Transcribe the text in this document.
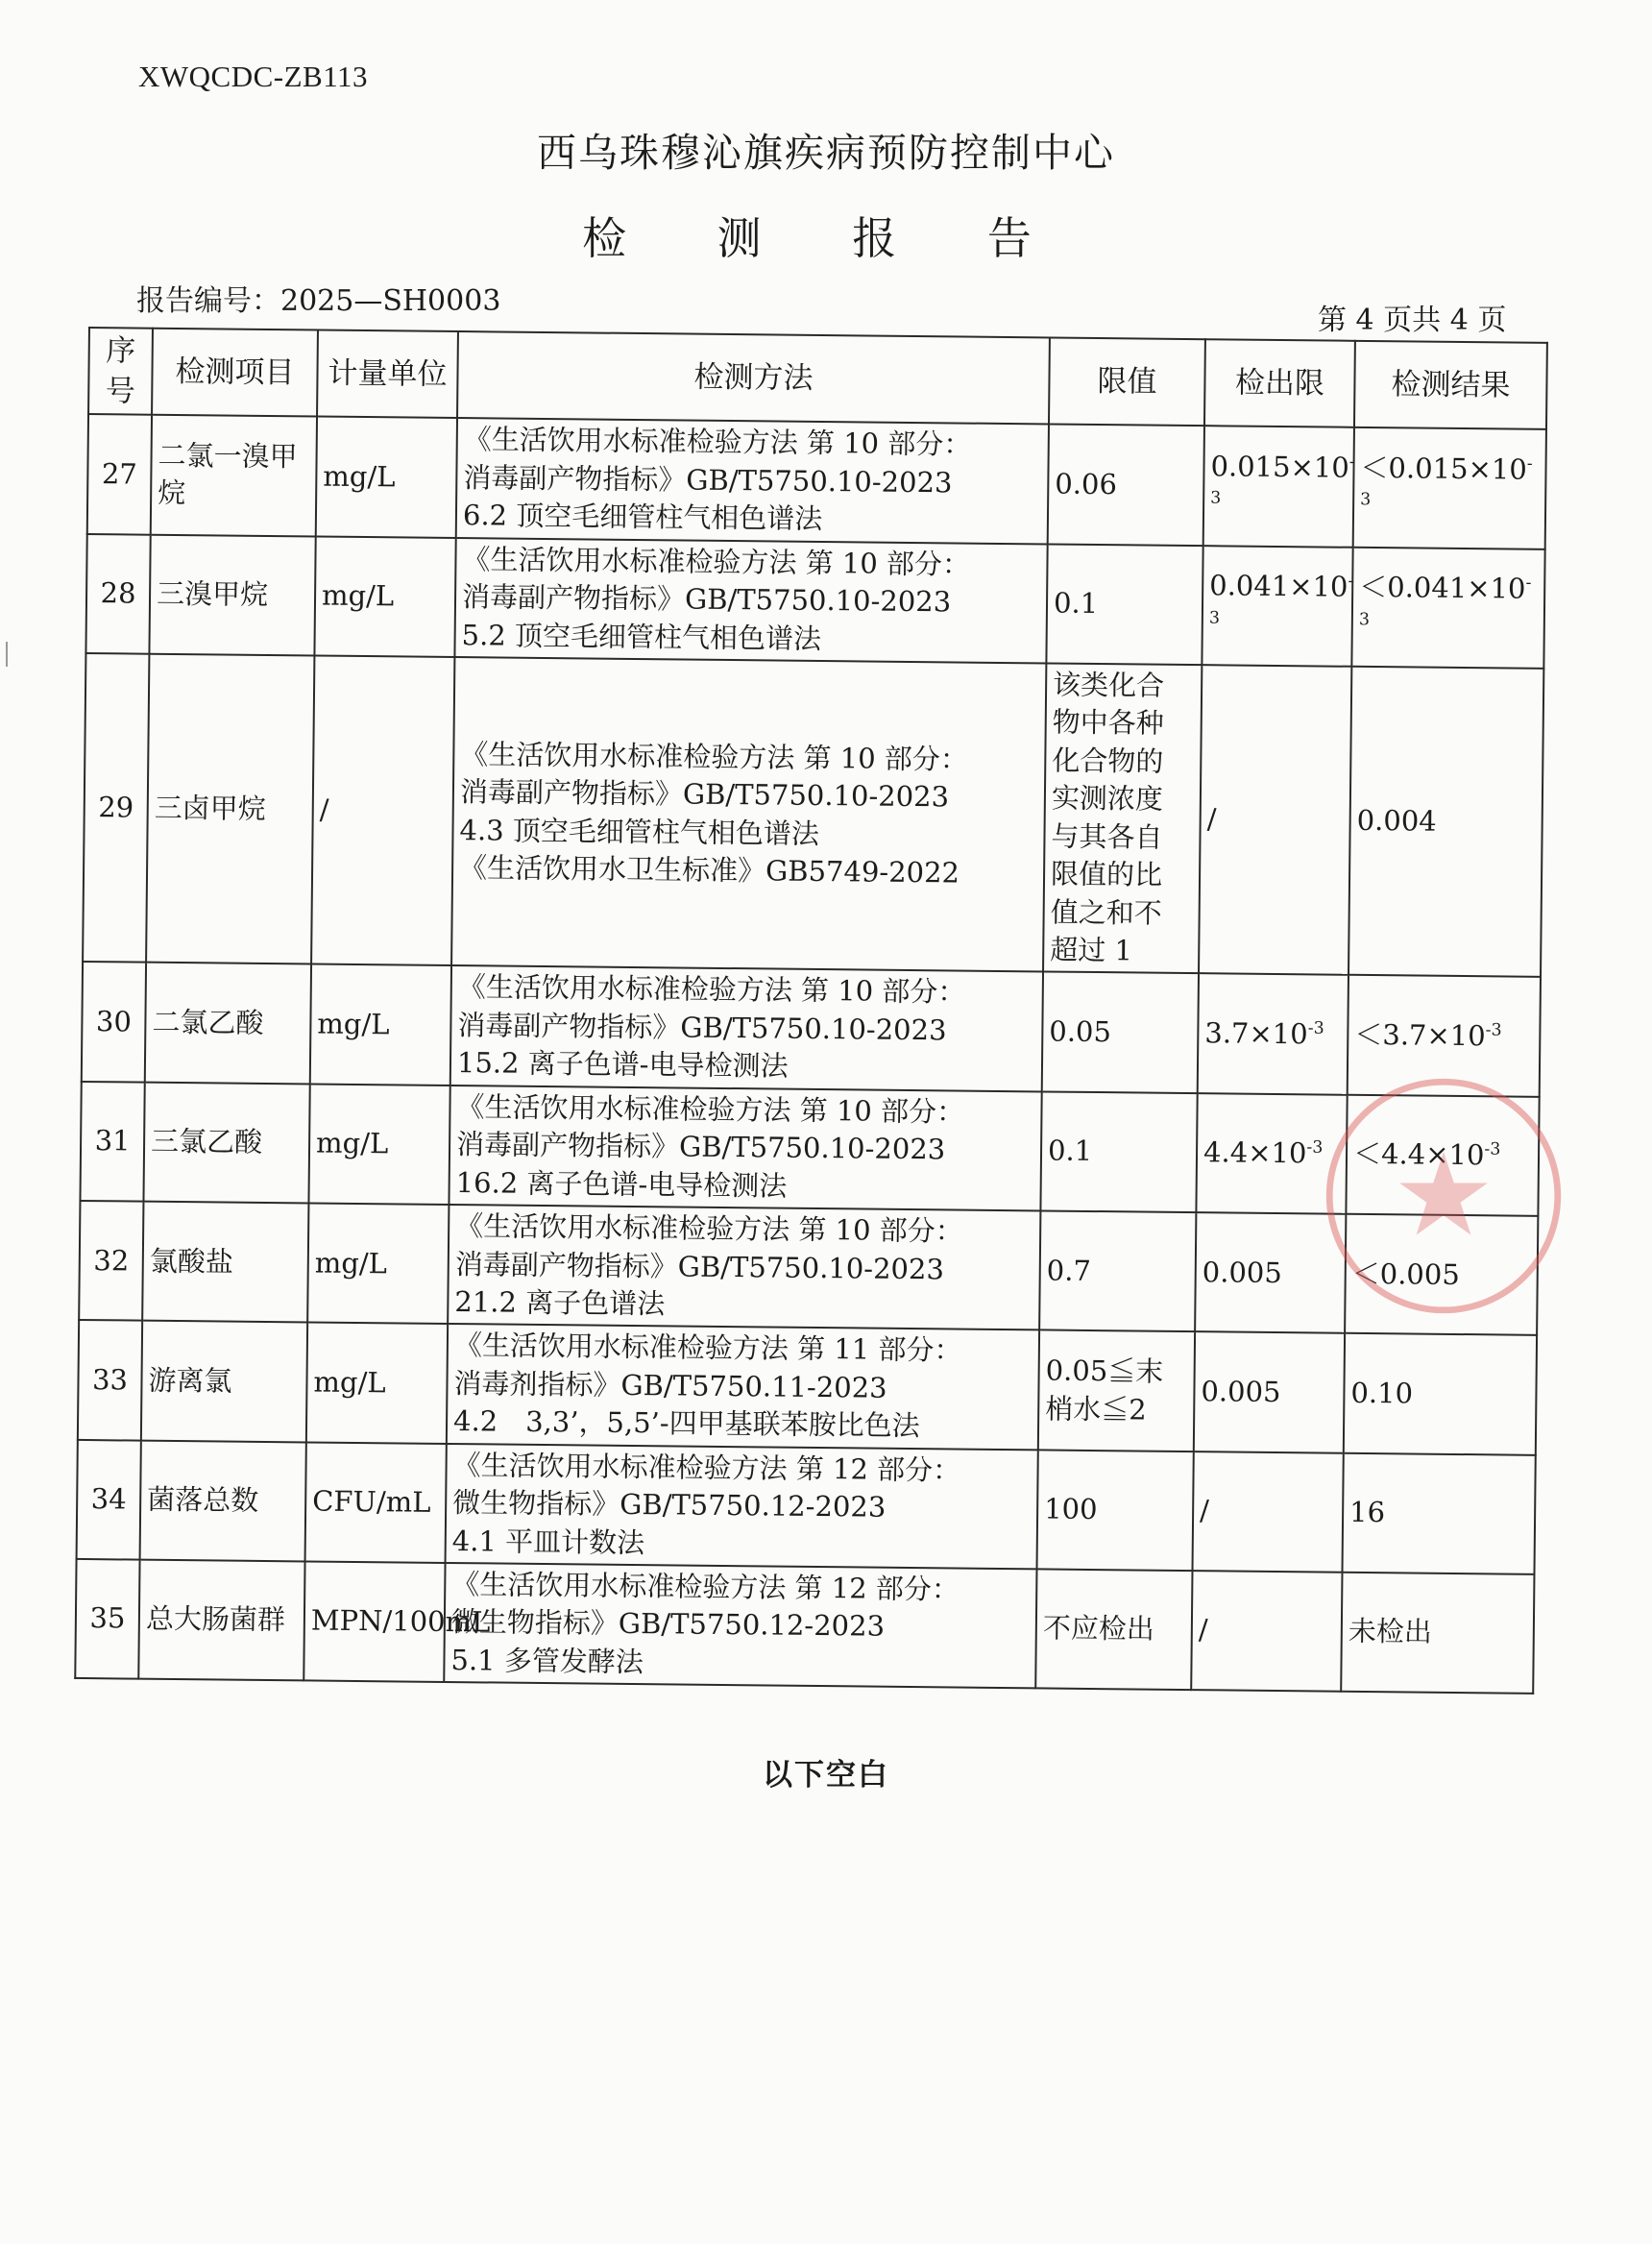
XWQCDC-ZB113
西乌珠穆沁旗疾病预防控制中心
检 测 报 告
报告编号：2025—SH0003
第 4 页共 4 页
序号	检测项目	计量单位	检测方法	限值	检出限	检测结果
27	二氯一溴甲烷	mg/L	《生活饮用水标准检验方法 第 10 部分：
消毒副产物指标》GB/T5750.10-2023
6.2 顶空毛细管柱气相色谱法	0.06	$0.015\times 10^{-3}$	$<0.015\times 10^{-3}$
28	三溴甲烷	mg/L	《生活饮用水标准检验方法 第 10 部分：
消毒副产物指标》GB/T5750.10-2023
5.2 顶空毛细管柱气相色谱法	0.1	$0.041\times 10^{-3}$	$<0.041\times 10^{-3}$
29	三卤甲烷	/	《生活饮用水标准检验方法 第 10 部分：
消毒副产物指标》GB/T5750.10-2023
4.3 顶空毛细管柱气相色谱法
《生活饮用水卫生标准》GB5749-2022	该类化合物中各种化合物的实测浓度与其各自限值的比值之和不超过 1	/	0.004
30	二氯乙酸	mg/L	《生活饮用水标准检验方法 第 10 部分：
消毒副产物指标》GB/T5750.10-2023
15.2 离子色谱-电导检测法	0.05	$3.7\times 10^{-3}$	$<3.7\times 10^{-3}$
31	三氯乙酸	mg/L	《生活饮用水标准检验方法 第 10 部分：
消毒副产物指标》GB/T5750.10-2023
16.2 离子色谱-电导检测法	0.1	$4.4\times 10^{-3}$	$<4.4\times 10^{-3}$
32	氯酸盐	mg/L	《生活饮用水标准检验方法 第 10 部分：
消毒副产物指标》GB/T5750.10-2023
21.2 离子色谱法	0.7	0.005	＜0.005
33	游离氯	mg/L	《生活饮用水标准检验方法 第 11 部分：
消毒剂指标》GB/T5750.11-2023
4.2　3,3’，5,5’-四甲基联苯胺比色法	0.05≦末梢水≦2	0.005	0.10
34	菌落总数	CFU/mL	《生活饮用水标准检验方法 第 12 部分：
微生物指标》GB/T5750.12-2023
4.1 平皿计数法	100	/	16
35	总大肠菌群	MPN/100mL	《生活饮用水标准检验方法 第 12 部分：
微生物指标》GB/T5750.12-2023
5.1 多管发酵法	不应检出	/	未检出
以下空白
